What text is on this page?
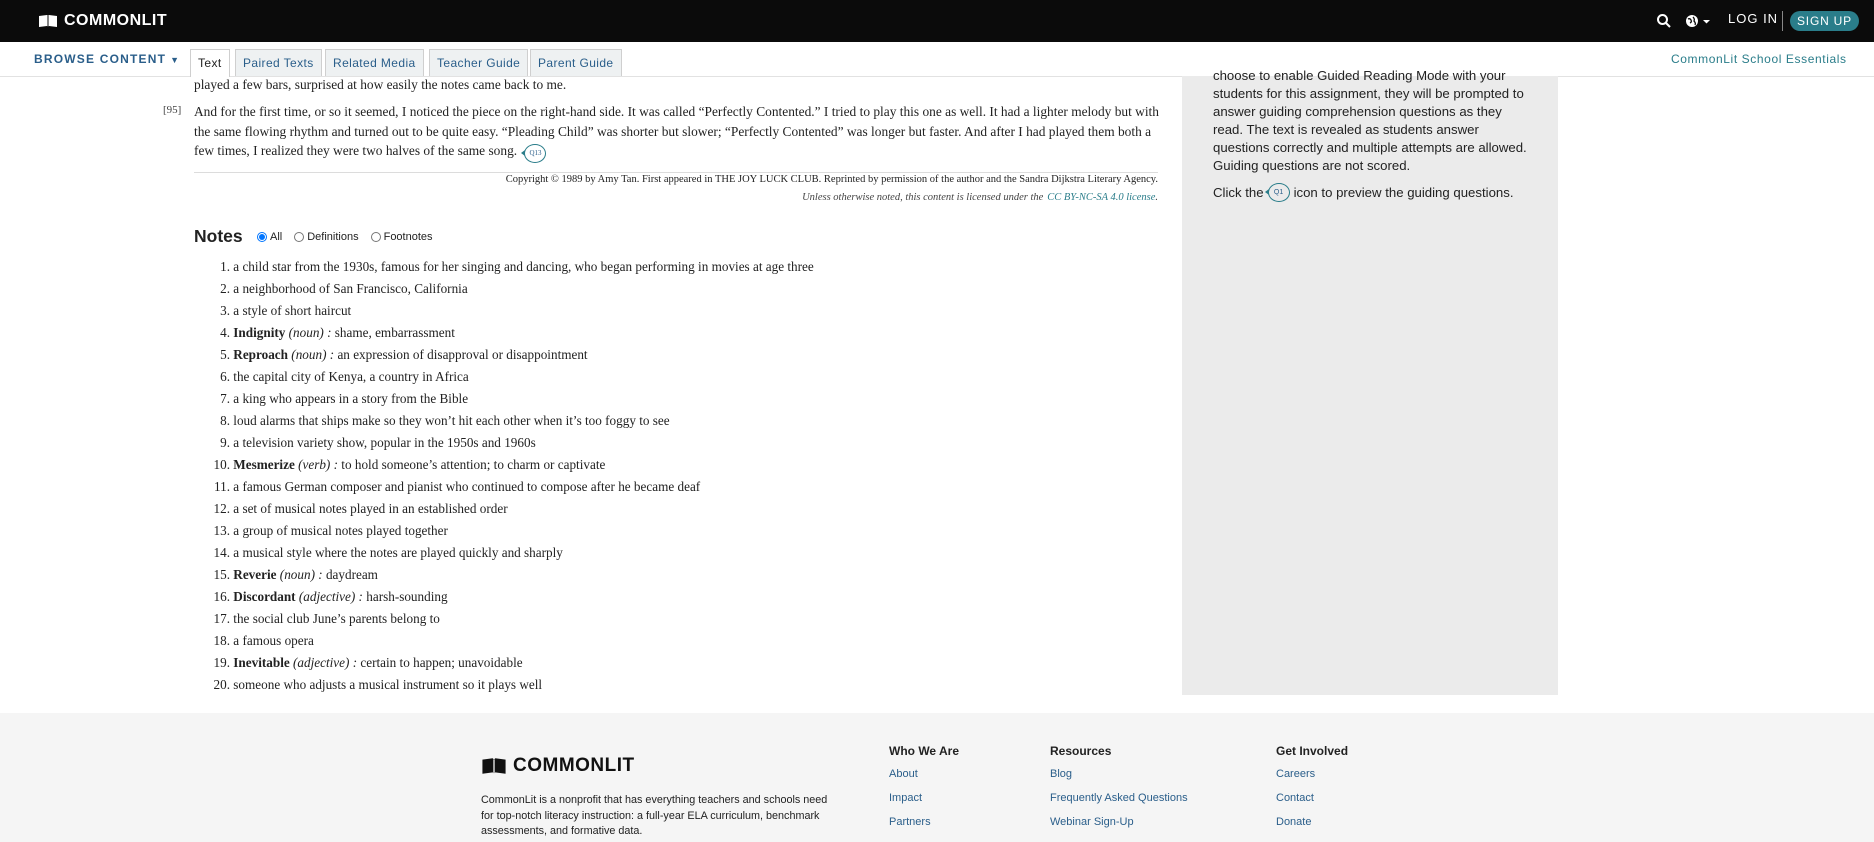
COMMONLIT	LOG IN	SIGN UP
BROWSE CONTENT ▼	Text	Paired Texts	Related Media	Teacher Guide	Parent Guide	CommonLit School Essentials
choose to enable Guided Reading Mode with your students for this assignment, they will be prompted to answer guiding comprehension questions as they read. The text is revealed as students answer questions correctly and multiple attempts are allowed. Guiding questions are not scored.
Click the	Q1 icon to preview the guiding questions.
played a few bars, surprised at how easily the notes came back to me.
[95] And for the first time, or so it seemed, I noticed the piece on the right-hand side. It was called “Perfectly Contented.” I tried to play this one as well. It had a lighter melody but with the same flowing rhythm and turned out to be quite easy. “Pleading Child” was shorter but slower; “Perfectly Contented” was longer but faster. And after I had played them both a few times, I realized they were two halves of the same song. Q13
Copyright © 1989 by Amy Tan. First appeared in THE JOY LUCK CLUB. Reprinted by permission of the author and the Sandra Dijkstra Literary Agency.
Unless otherwise noted, this content is licensed under the CC BY-NC-SA 4.0 license.
Notes All Definitions Footnotes
1. a child star from the 1930s, famous for her singing and dancing, who began performing in movies at age three
2. a neighborhood of San Francisco, California
3. a style of short haircut
4. Indignity (noun) : shame, embarrassment
5. Reproach (noun) : an expression of disapproval or disappointment
6. the capital city of Kenya, a country in Africa
7. a king who appears in a story from the Bible
8. loud alarms that ships make so they won’t hit each other when it’s too foggy to see
9. a television variety show, popular in the 1950s and 1960s
10. Mesmerize (verb) : to hold someone’s attention; to charm or captivate
11. a famous German composer and pianist who continued to compose after he became deaf
12. a set of musical notes played in an established order
13. a group of musical notes played together
14. a musical style where the notes are played quickly and sharply
15. Reverie (noun) : daydream
16. Discordant (adjective) : harsh-sounding
17. the social club June’s parents belong to
18. a famous opera
19. Inevitable (adjective) : certain to happen; unavoidable
20. someone who adjusts a musical instrument so it plays well
COMMONLIT
CommonLit is a nonprofit that has everything teachers and schools need for top-notch literacy instruction: a full-year ELA curriculum, benchmark assessments, and formative data.
Who We Are
About
Impact
Partners
Resources
Blog
Frequently Asked Questions
Webinar Sign-Up
Get Involved
Careers
Contact
Donate
